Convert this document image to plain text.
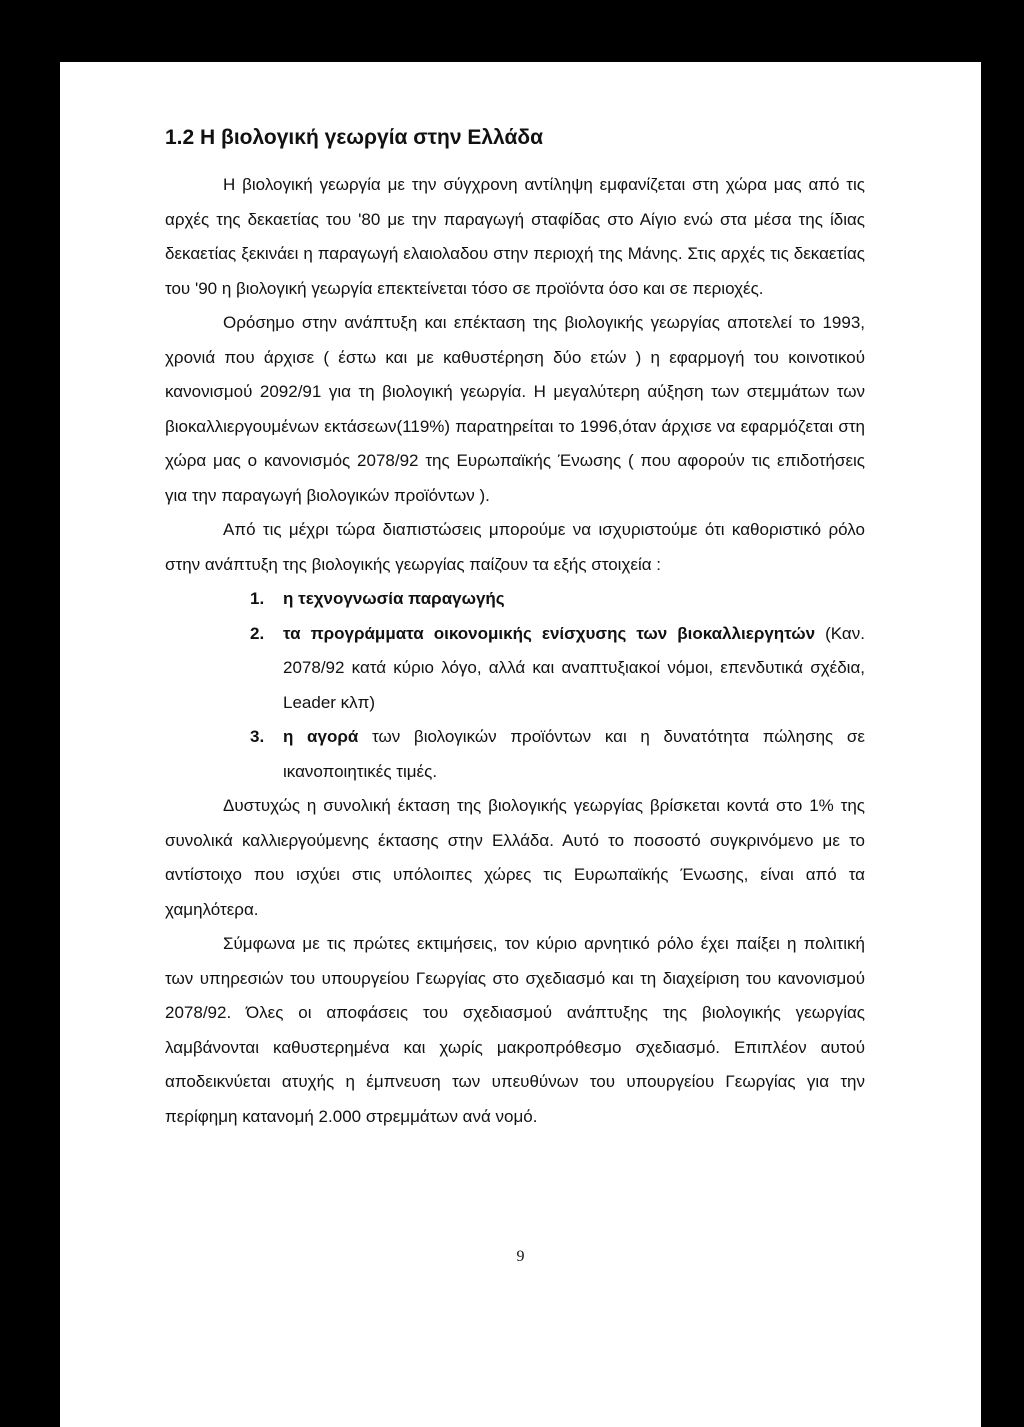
1.2 Η βιολογική γεωργία στην Ελλάδα

Η βιολογική γεωργία με την σύγχρονη αντίληψη εμφανίζεται στη χώρα μας από τις αρχές της δεκαετίας του '80 με την παραγωγή σταφίδας στο Αίγιο ενώ στα μέσα της ίδιας δεκαετίας ξεκινάει η παραγωγή ελαιολαδου στην περιοχή της Μάνης. Στις αρχές τις δεκαετίας του '90 η βιολογική γεωργία επεκτείνεται τόσο σε προϊόντα όσο και σε περιοχές.

Ορόσημο στην ανάπτυξη και επέκταση της βιολογικής γεωργίας αποτελεί το 1993, χρονιά που άρχισε ( έστω και με καθυστέρηση δύο ετών ) η εφαρμογή του κοινοτικού κανονισμού 2092/91 για τη βιολογική γεωργία. Η μεγαλύτερη αύξηση των στεμμάτων των βιοκαλλιεργουμένων εκτάσεων(119%) παρατηρείται το 1996,όταν άρχισε να εφαρμόζεται στη χώρα μας ο κανονισμός 2078/92 της Ευρωπαϊκής Ένωσης ( που αφορούν τις επιδοτήσεις για την παραγωγή βιολογικών προϊόντων ).

Από τις μέχρι τώρα διαπιστώσεις μπορούμε να ισχυριστούμε ότι καθοριστικό ρόλο στην ανάπτυξη της βιολογικής γεωργίας παίζουν τα εξής στοιχεία :

1. η τεχνογνωσία παραγωγής
2. τα προγράμματα οικονομικής ενίσχυσης των βιοκαλλιεργητών (Καν. 2078/92 κατά κύριο λόγο, αλλά και αναπτυξιακοί νόμοι, επενδυτικά σχέδια, Leader κλπ)
3. η αγορά των βιολογικών προϊόντων και η δυνατότητα πώλησης σε ικανοποιητικές τιμές.

Δυστυχώς η συνολική έκταση της βιολογικής γεωργίας βρίσκεται κοντά στο 1% της συνολικά καλλιεργούμενης έκτασης στην Ελλάδα. Αυτό το ποσοστό συγκρινόμενο με το αντίστοιχο που ισχύει στις υπόλοιπες χώρες τις Ευρωπαϊκής Ένωσης, είναι από τα χαμηλότερα.

Σύμφωνα με τις πρώτες εκτιμήσεις, τον κύριο αρνητικό ρόλο έχει παίξει η πολιτική των υπηρεσιών του υπουργείου Γεωργίας στο σχεδιασμό και τη διαχείριση του κανονισμού 2078/92. Όλες οι αποφάσεις του σχεδιασμού ανάπτυξης της βιολογικής γεωργίας λαμβάνονται καθυστερημένα και χωρίς μακροπρόθεσμο σχεδιασμό. Επιπλέον αυτού αποδεικνύεται ατυχής η έμπνευση των υπευθύνων του υπουργείου Γεωργίας για την περίφημη κατανομή 2.000 στρεμμάτων ανά νομό.

9
